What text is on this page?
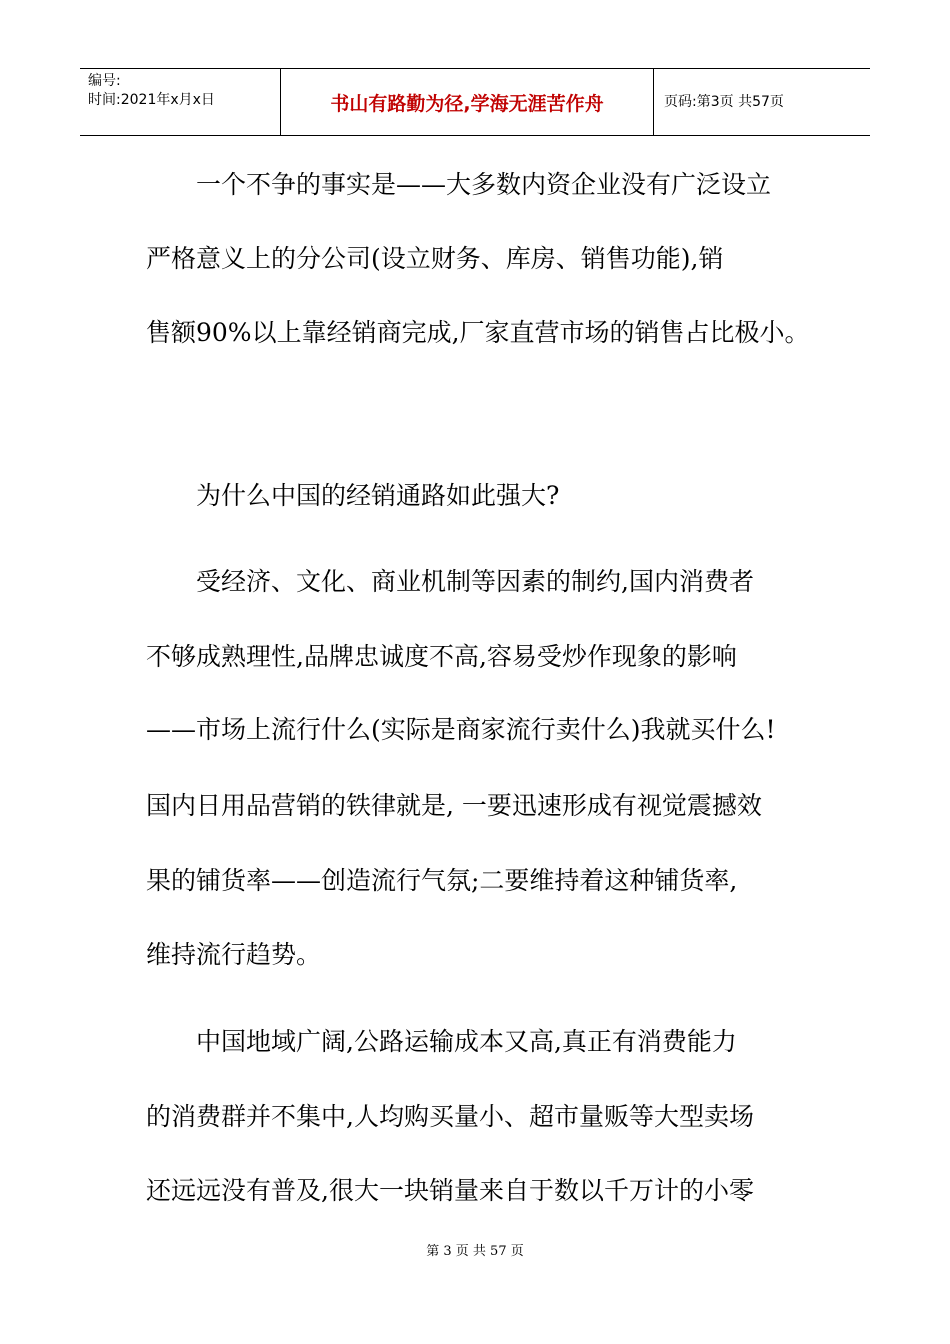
编号:
时间:2021年x月x日	书山有路勤为径,学海无涯苦作舟	页码:第3页 共57页
一个不争的事实是——大多数内资企业没有广泛设立
严格意义上的分公司(设立财务、库房、销售功能),销
售额90%以上靠经销商完成,厂家直营市场的销售占比极小。
为什么中国的经销通路如此强大?
受经济、文化、商业机制等因素的制约,国内消费者
不够成熟理性,品牌忠诚度不高,容易受炒作现象的影响
——市场上流行什么(实际是商家流行卖什么)我就买什么!
国内日用品营销的铁律就是, 一要迅速形成有视觉震撼效
果的铺货率——创造流行气氛;二要维持着这种铺货率,
维持流行趋势。
中国地域广阔,公路运输成本又高,真正有消费能力
的消费群并不集中,人均购买量小、超市量贩等大型卖场
还远远没有普及,很大一块销量来自于数以千万计的小零
第 3 页 共 57 页
